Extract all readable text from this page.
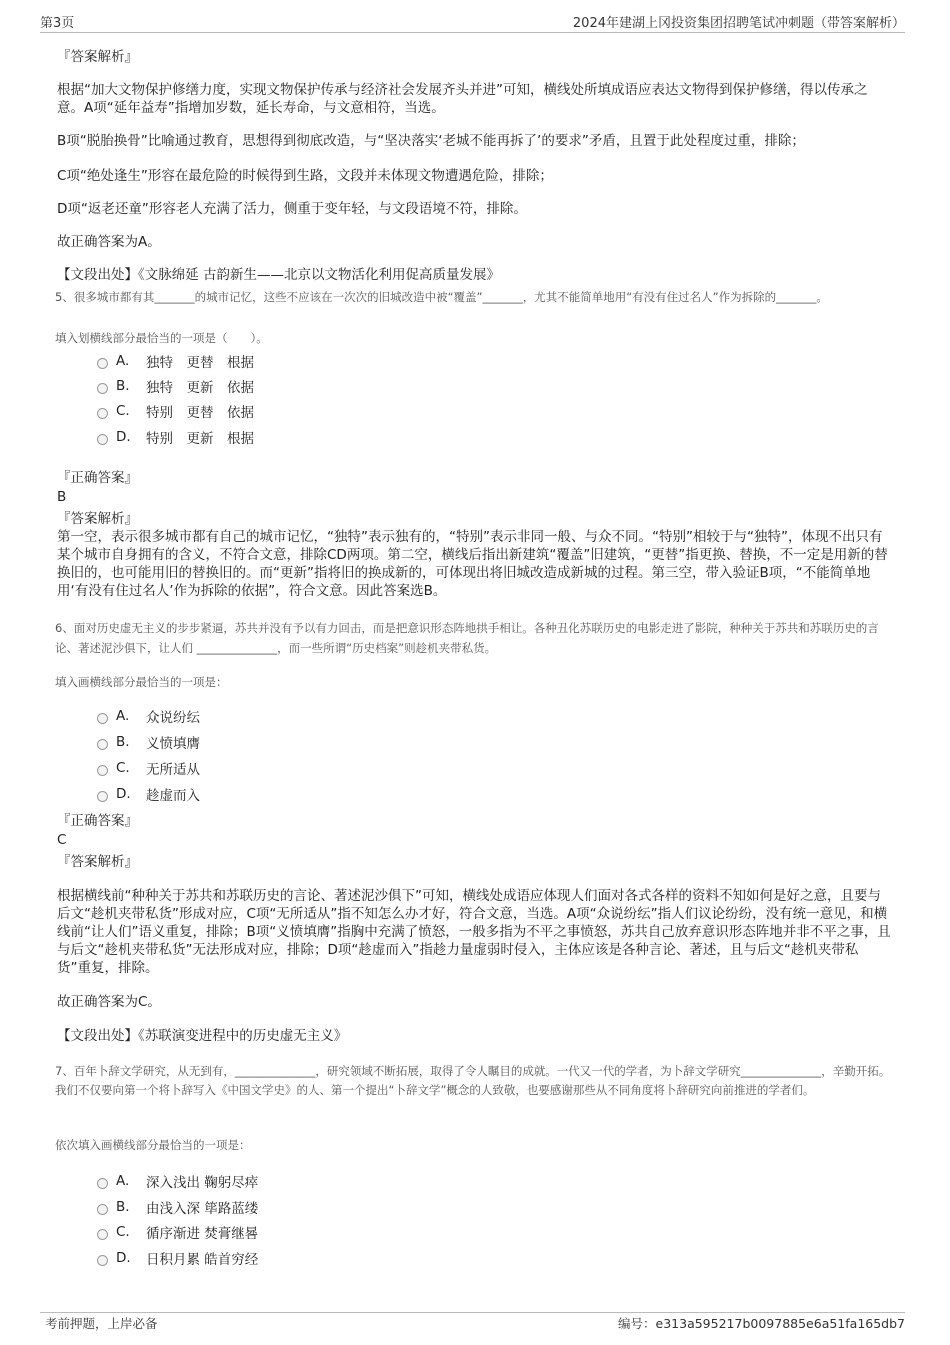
第3页	2024年建湖上冈投资集团招聘笔试冲刺题（带答案解析）
『答案解析』
根据“加大文物保护修缮力度，实现文物保护传承与经济社会发展齐头并进”可知，横线处所填成语应表达文物得到保护修缮，得以传承之意。A项“延年益寿”指增加岁数，延长寿命，与文意相符，当选。
B项“脱胎换骨”比喻通过教育，思想得到彻底改造，与“坚决落实‘老城不能再拆了’的要求”矛盾，且置于此处程度过重，排除；
C项“绝处逢生”形容在最危险的时候得到生路，文段并未体现文物遭遇危险，排除；
D项“返老还童”形容老人充满了活力，侧重于变年轻，与文段语境不符，排除。
故正确答案为A。
【文段出处】《文脉绵延 古韵新生——北京以文物活化利用促高质量发展》
5、很多城市都有其_______的城市记忆，这些不应该在一次次的旧城改造中被“覆盖”_______，尤其不能简单地用“有没有住过名人”作为拆除的_______。
填入划横线部分最恰当的一项是（　　）。
A.	独特　更替　根据
B.	独特　更新　依据
C.	特别　更替　依据
D.	特别　更新　根据
『正确答案』
B
『答案解析』
第一空，表示很多城市都有自己的城市记忆，“独特”表示独有的，“特别”表示非同一般、与众不同。“特别”相较于与“独特”，体现不出只有某个城市自身拥有的含义，不符合文意，排除CD两项。第二空，横线后指出新建筑“覆盖”旧建筑，“更替”指更换、替换，不一定是用新的替换旧的，也可能用旧的替换旧的。而“更新”指将旧的换成新的，可体现出将旧城改造成新城的过程。第三空，带入验证B项，“不能简单地用‘有没有住过名人’作为拆除的依据”，符合文意。因此答案选B。
6、面对历史虚无主义的步步紧逼，苏共并没有予以有力回击，而是把意识形态阵地拱手相让。各种丑化苏联历史的电影走进了影院，种种关于苏共和苏联历史的言论、著述泥沙俱下，让人们 ______________，而一些所谓“历史档案”则趁机夹带私货。
填入画横线部分最恰当的一项是：
A.	众说纷纭
B.	义愤填膺
C.	无所适从
D.	趁虚而入
『正确答案』
C
『答案解析』
根据横线前“种种关于苏共和苏联历史的言论、著述泥沙俱下”可知，横线处成语应体现人们面对各式各样的资料不知如何是好之意，且要与后文“趁机夹带私货”形成对应，C项“无所适从”指不知怎么办才好，符合文意，当选。A项“众说纷纭”指人们议论纷纷，没有统一意见，和横线前“让人们”语义重复，排除；B项“义愤填膺”指胸中充满了愤怒，一般多指为不平之事愤怒，苏共自己放弃意识形态阵地并非不平之事，且与后文“趁机夹带私货”无法形成对应，排除；D项“趁虚而入”指趁力量虚弱时侵入，主体应该是各种言论、著述，且与后文“趁机夹带私货”重复，排除。
故正确答案为C。
【文段出处】《苏联演变进程中的历史虚无主义》
7、百年卜辞文学研究，从无到有，______________，研究领域不断拓展，取得了令人瞩目的成就。一代又一代的学者，为卜辞文学研究______________，辛勤开拓。我们不仅要向第一个将卜辞写入《中国文学史》的人、第一个提出“卜辞文学”概念的人致敬，也要感谢那些从不同角度将卜辞研究向前推进的学者们。
依次填入画横线部分最恰当的一项是：
A.	深入浅出 鞠躬尽瘁
B.	由浅入深 筚路蓝缕
C.	循序渐进 焚膏继晷
D.	日积月累 皓首穷经
考前押题，上岸必备	编号：e313a595217b0097885e6a51fa165db7
